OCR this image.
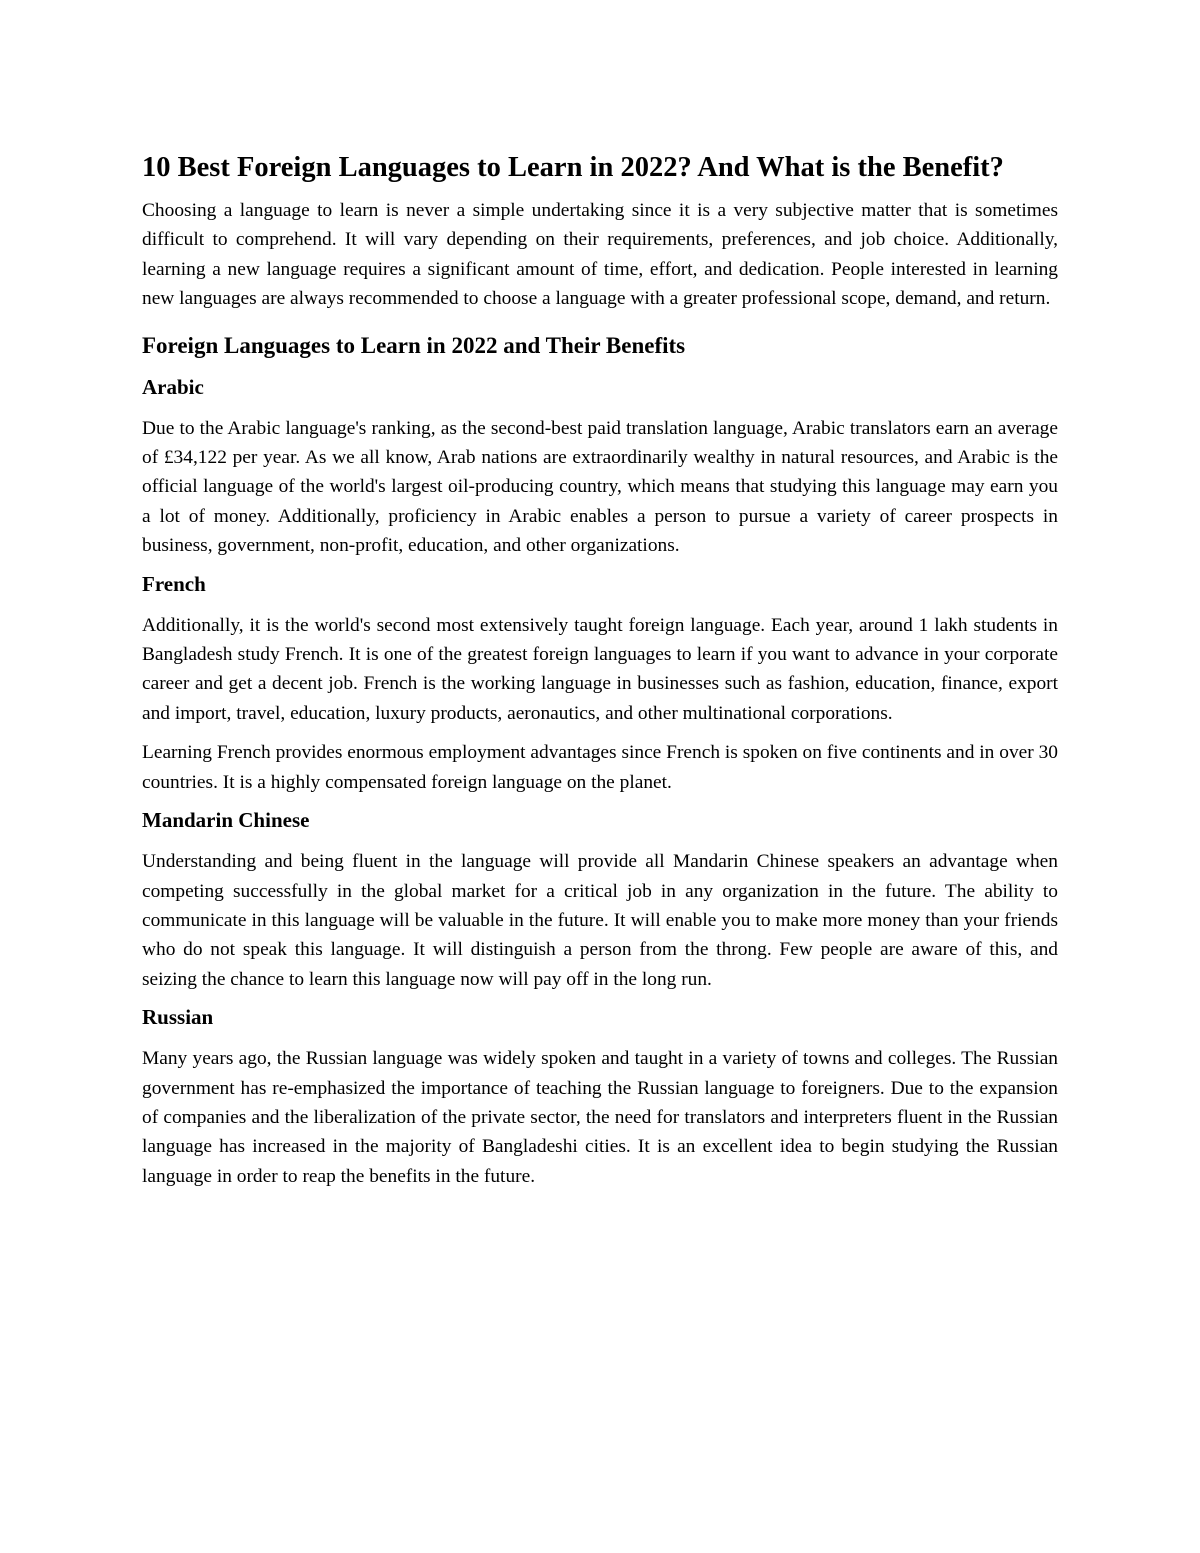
10 Best Foreign Languages to Learn in 2022? And What is the Benefit?

Choosing a language to learn is never a simple undertaking since it is a very subjective matter that is sometimes difficult to comprehend. It will vary depending on their requirements, preferences, and job choice. Additionally, learning a new language requires a significant amount of time, effort, and dedication. People interested in learning new languages are always recommended to choose a language with a greater professional scope, demand, and return.

Foreign Languages to Learn in 2022 and Their Benefits
Arabic

Due to the Arabic language's ranking, as the second-best paid translation language, Arabic translators earn an average of £34,122 per year. As we all know, Arab nations are extraordinarily wealthy in natural resources, and Arabic is the official language of the world's largest oil-producing country, which means that studying this language may earn you a lot of money. Additionally, proficiency in Arabic enables a person to pursue a variety of career prospects in business, government, non-profit, education, and other organizations.

French

Additionally, it is the world's second most extensively taught foreign language. Each year, around 1 lakh students in Bangladesh study French. It is one of the greatest foreign languages to learn if you want to advance in your corporate career and get a decent job. French is the working language in businesses such as fashion, education, finance, export and import, travel, education, luxury products, aeronautics, and other multinational corporations.

Learning French provides enormous employment advantages since French is spoken on five continents and in over 30 countries. It is a highly compensated foreign language on the planet.

Mandarin Chinese

Understanding and being fluent in the language will provide all Mandarin Chinese speakers an advantage when competing successfully in the global market for a critical job in any organization in the future. The ability to communicate in this language will be valuable in the future. It will enable you to make more money than your friends who do not speak this language. It will distinguish a person from the throng. Few people are aware of this, and seizing the chance to learn this language now will pay off in the long run.

Russian

Many years ago, the Russian language was widely spoken and taught in a variety of towns and colleges. The Russian government has re-emphasized the importance of teaching the Russian language to foreigners. Due to the expansion of companies and the liberalization of the private sector, the need for translators and interpreters fluent in the Russian language has increased in the majority of Bangladeshi cities. It is an excellent idea to begin studying the Russian language in order to reap the benefits in the future.
